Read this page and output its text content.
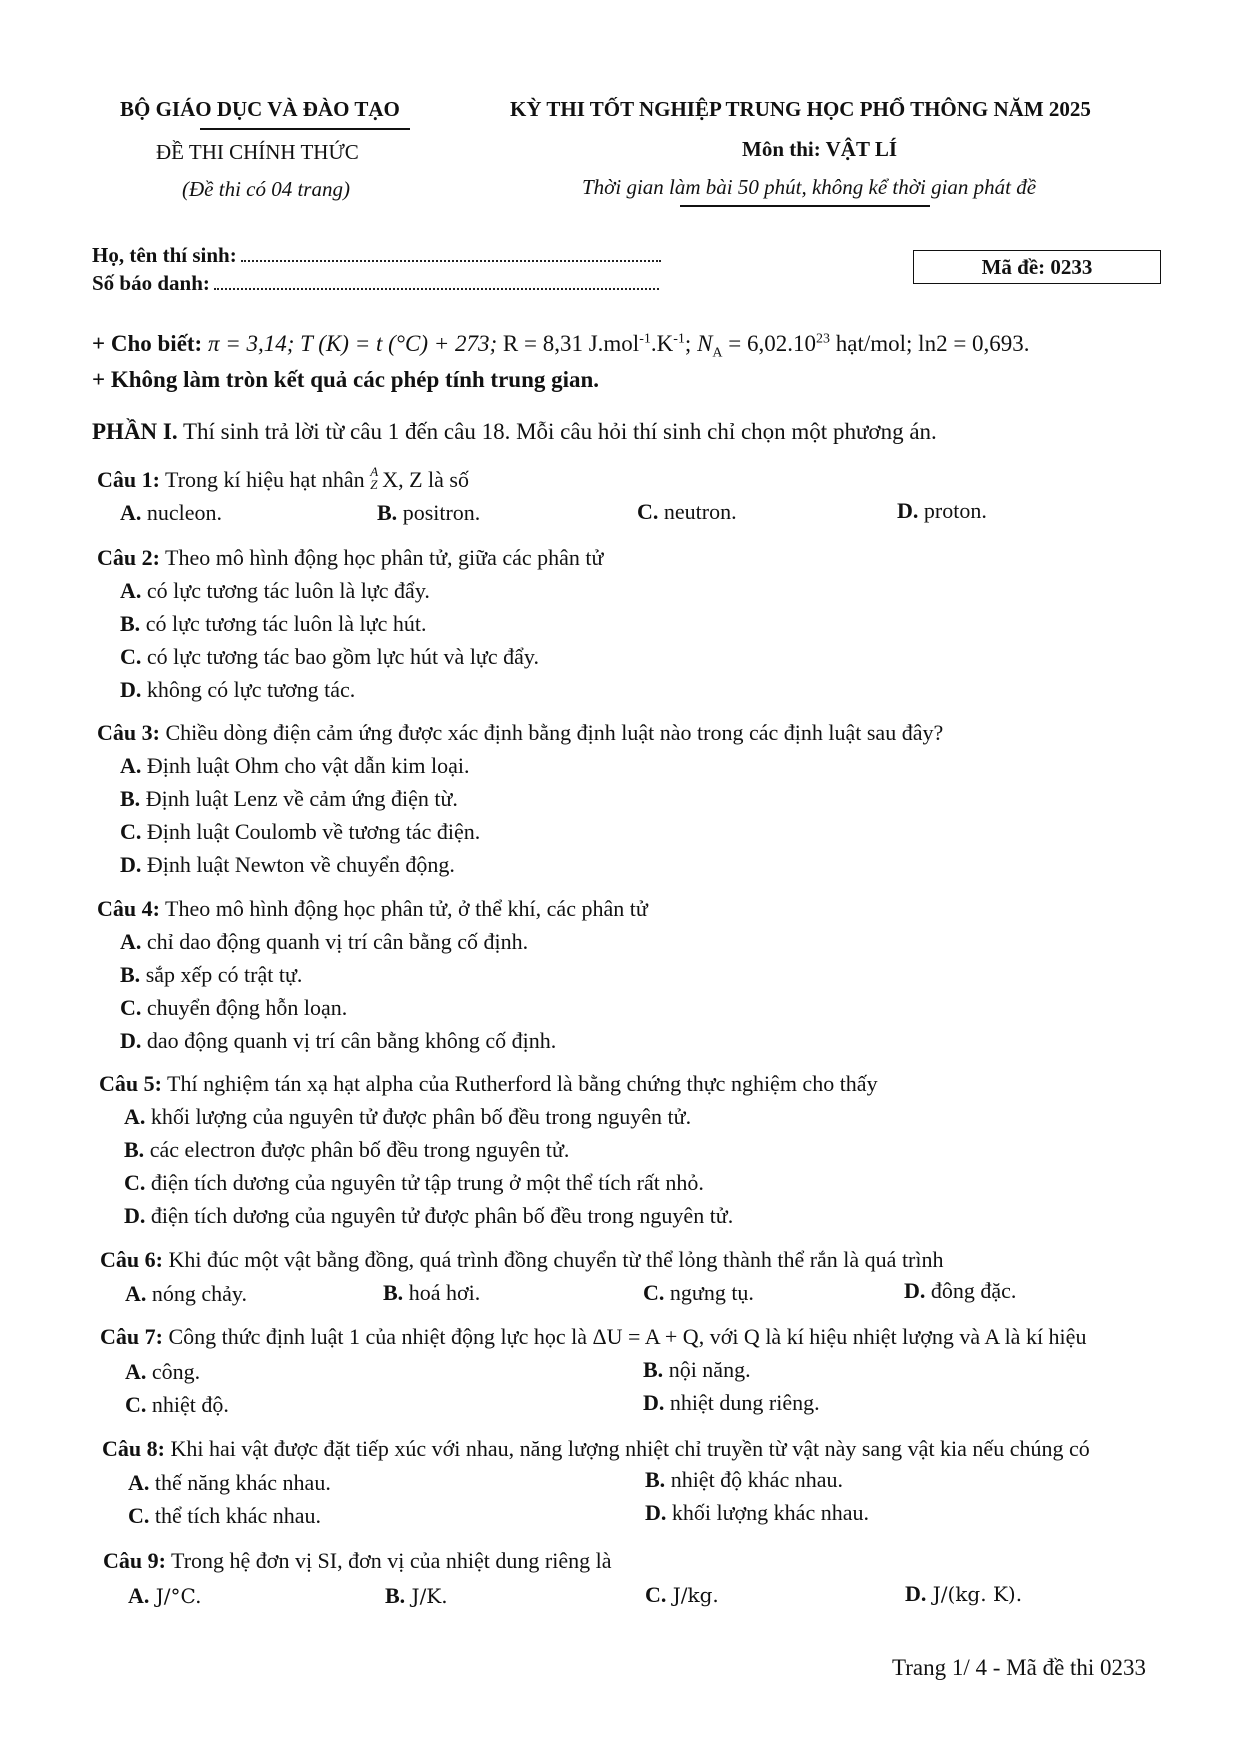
BỘ GIÁO DỤC VÀ ĐÀO TẠO
ĐỀ THI CHÍNH THỨC
(Đề thi có 04 trang)
KỲ THI TỐT NGHIỆP TRUNG HỌC PHỔ THÔNG NĂM 2025
Môn thi: VẬT LÍ
Thời gian làm bài 50 phút, không kể thời gian phát đề
Họ, tên thí sinh:
Số báo danh:
Mã đề: 0233
+ Cho biết: π = 3,14; T (K) = t (°C) + 273; R = 8,31 $J.mol^{-1}.K^{-1}$; $N_A = 6,02.10^{23}$ hạt/mol; ln2 = 0,693.
+ Không làm tròn kết quả các phép tính trung gian.
PHẦN I. Thí sinh trả lời từ câu 1 đến câu 18. Mỗi câu hỏi thí sinh chỉ chọn một phương án.
Câu 1: Trong kí hiệu hạt nhân A
Z X, Z là số
A. nucleon.	B. positron.	C. neutron.	D. proton.
Câu 2: Theo mô hình động học phân tử, giữa các phân tử
A. có lực tương tác luôn là lực đẩy.
B. có lực tương tác luôn là lực hút.
C. có lực tương tác bao gồm lực hút và lực đẩy.
D. không có lực tương tác.
Câu 3: Chiều dòng điện cảm ứng được xác định bằng định luật nào trong các định luật sau đây?
A. Định luật Ohm cho vật dẫn kim loại.
B. Định luật Lenz về cảm ứng điện từ.
C. Định luật Coulomb về tương tác điện.
D. Định luật Newton về chuyển động.
Câu 4: Theo mô hình động học phân tử, ở thể khí, các phân tử
A. chỉ dao động quanh vị trí cân bằng cố định.
B. sắp xếp có trật tự.
C. chuyển động hỗn loạn.
D. dao động quanh vị trí cân bằng không cố định.
Câu 5: Thí nghiệm tán xạ hạt alpha của Rutherford là bằng chứng thực nghiệm cho thấy
A. khối lượng của nguyên tử được phân bố đều trong nguyên tử.
B. các electron được phân bố đều trong nguyên tử.
C. điện tích dương của nguyên tử tập trung ở một thể tích rất nhỏ.
D. điện tích dương của nguyên tử được phân bố đều trong nguyên tử.
Câu 6: Khi đúc một vật bằng đồng, quá trình đồng chuyển từ thể lỏng thành thể rắn là quá trình
A. nóng chảy.	B. hoá hơi.	C. ngưng tụ.	D. đông đặc.
Câu 7: Công thức định luật 1 của nhiệt động lực học là ΔU = A + Q, với Q là kí hiệu nhiệt lượng và A là kí hiệu
A. công.	B. nội năng.
C. nhiệt độ.	D. nhiệt dung riêng.
Câu 8: Khi hai vật được đặt tiếp xúc với nhau, năng lượng nhiệt chỉ truyền từ vật này sang vật kia nếu chúng có
A. thế năng khác nhau.	B. nhiệt độ khác nhau.
C. thể tích khác nhau.	D. khối lượng khác nhau.
Câu 9: Trong hệ đơn vị SI, đơn vị của nhiệt dung riêng là
A. J/°C.	B. J/K.	C. J/kg.	D. J/(kg. K).
Trang 1/ 4 - Mã đề thi 0233
